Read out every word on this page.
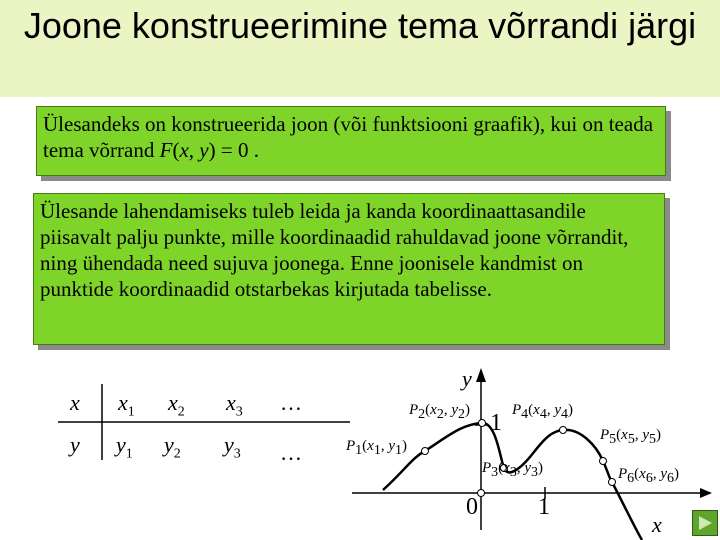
Joone konstrueerimine tema võrrandi järgi
Ülesandeks on konstrueerida joon (või funktsiooni graafik), kui on teada tema võrrand F(x, y) = 0 .
Ülesande lahendamiseks tuleb leida ja kanda koordinaattasandile piisavalt palju punkte, mille koordinaadid rahuldavad joone võrrandit, ning ühendada need sujuva joonega. Enne joonisele kandmist on punktide koordinaadid otstarbekas kirjutada tabelisse.
x $x_1$ $x_2$ $x_3$ …
y $y_1$ $y_2$ $y_3$ …
y
x
0	1
1
$P_1(x_1$, $y_1$)
$P_2(x_2$, $y_2$)
$P_3(x_3$, $y_3$)
$P_4(x_4$, $y_4$)
$P_5(x_5$, $y_5$)
$P_6(x_6$, $y_6$)
